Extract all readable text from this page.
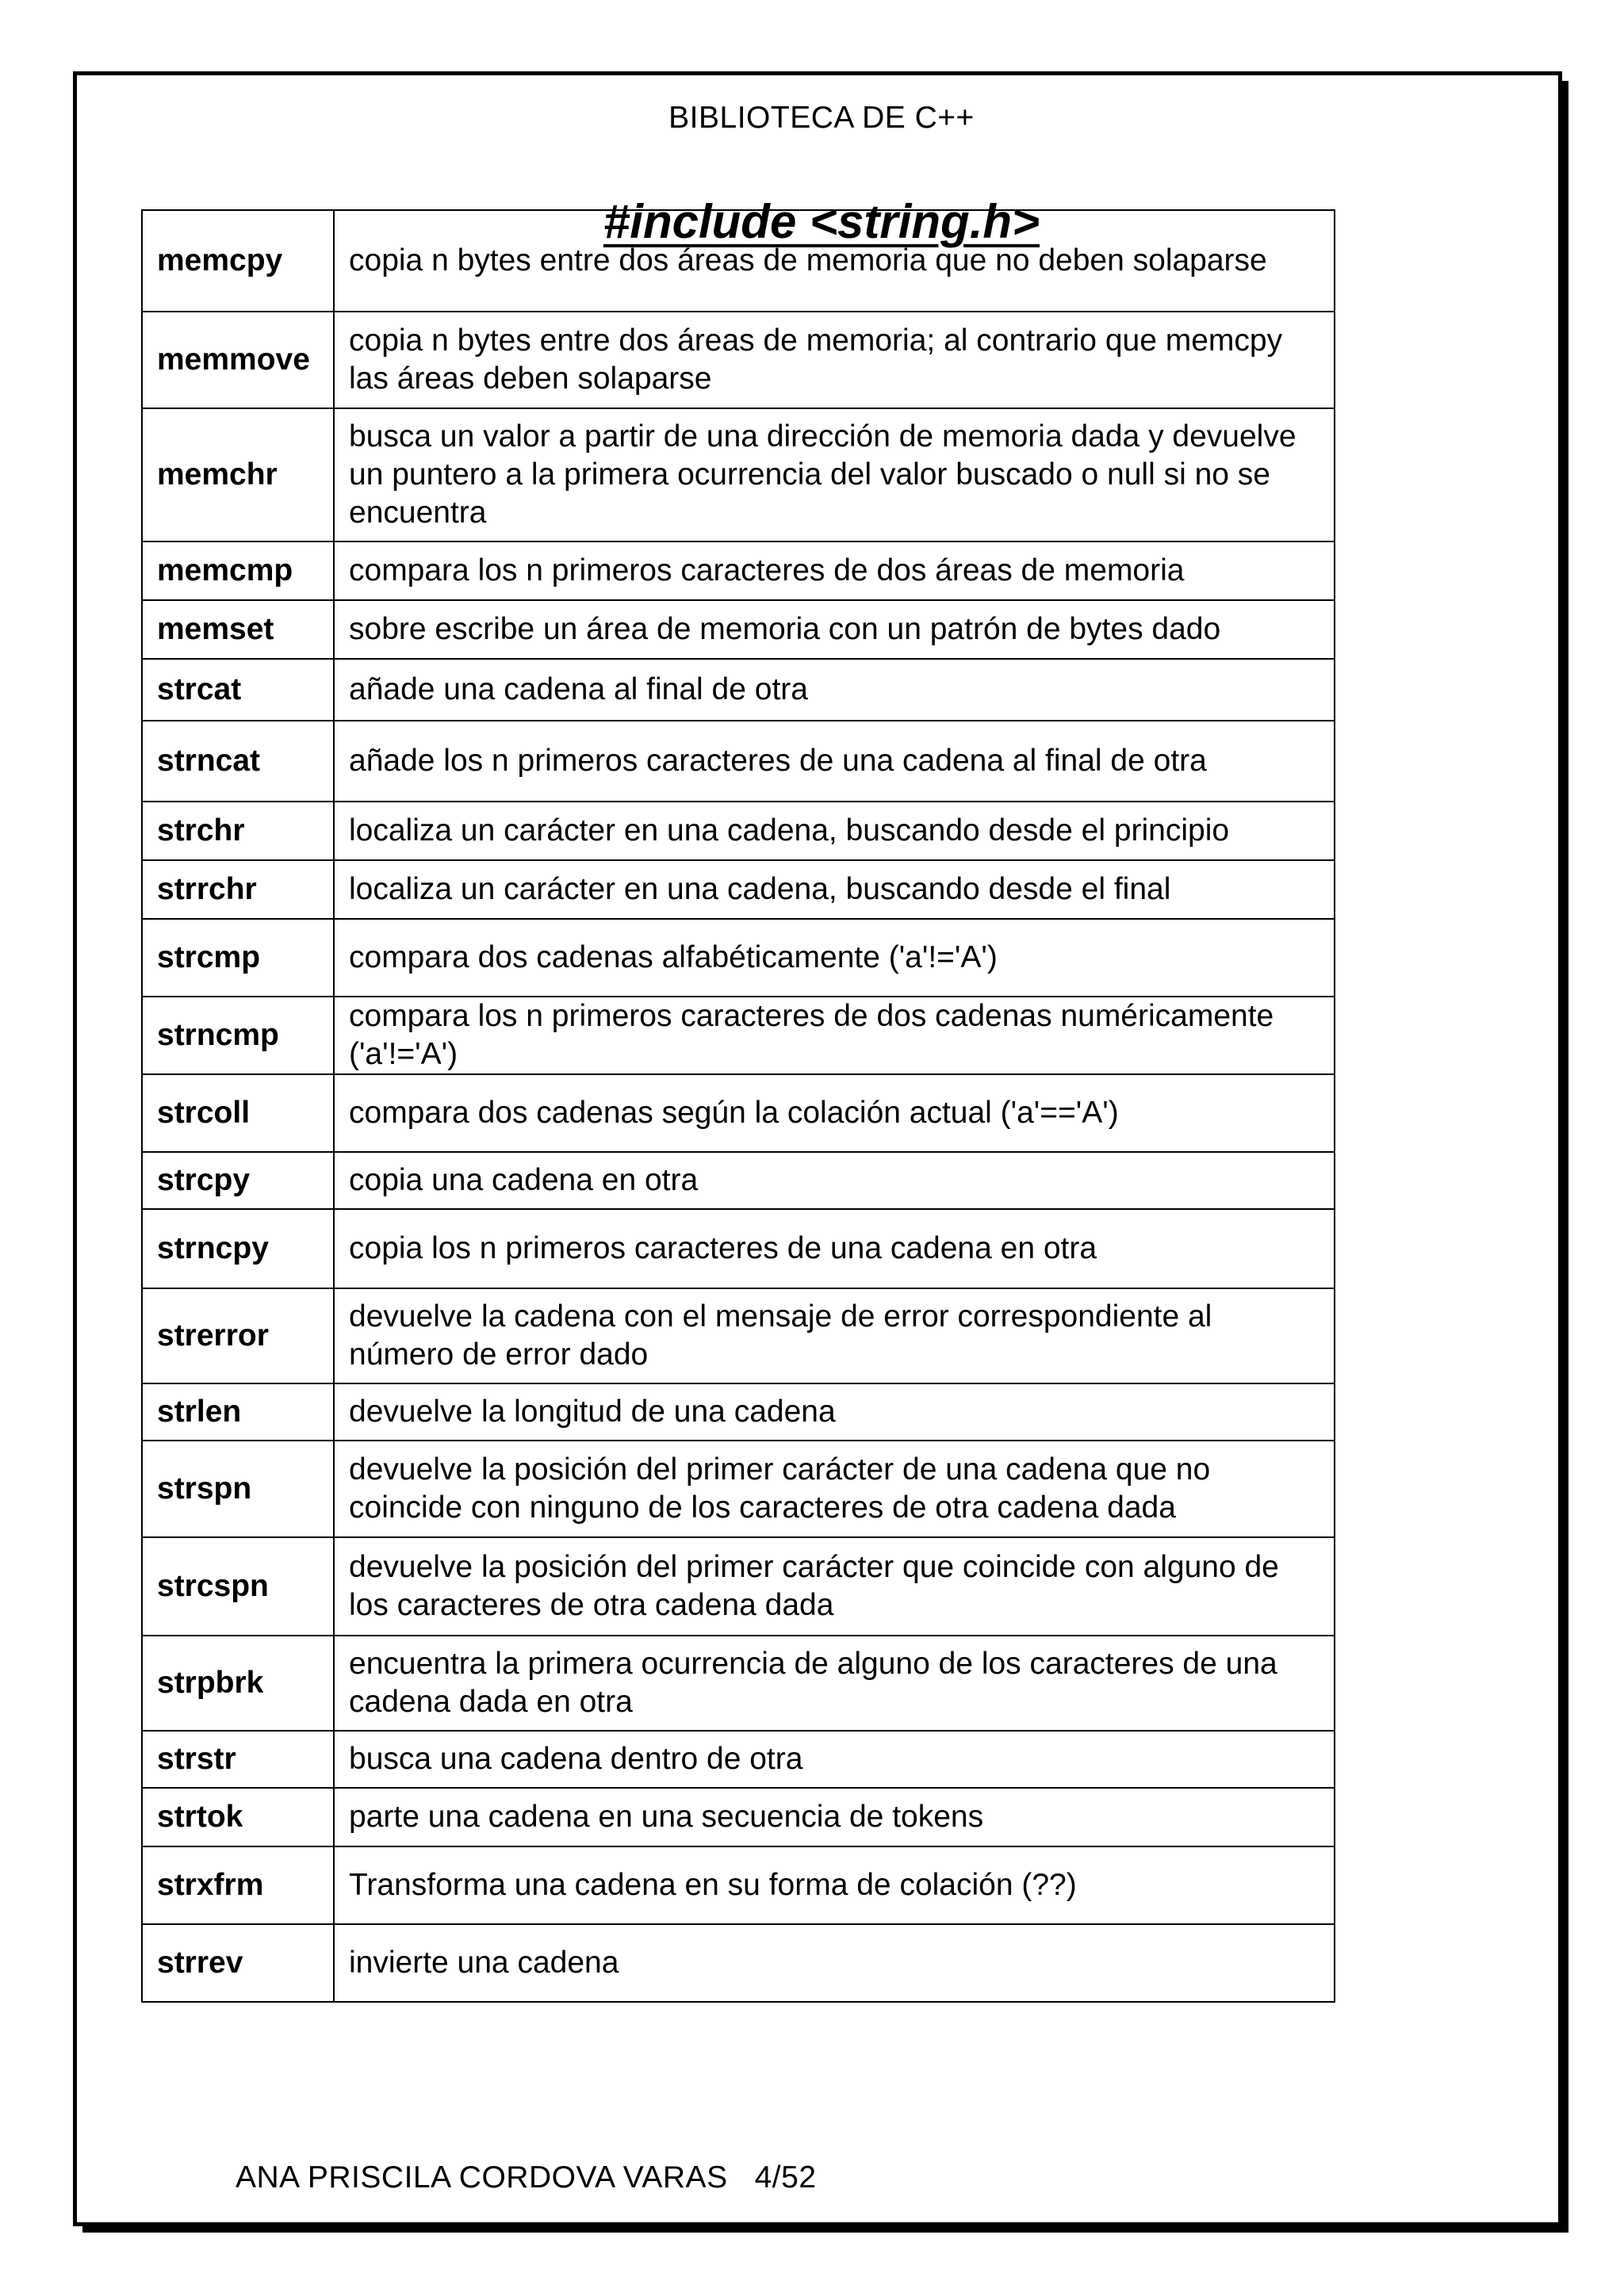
BIBLIOTECA DE C++
#include <string.h>
ANA PRISCILA CORDOVA VARAS 4/52
memcpy	copia n bytes entre dos áreas de memoria que no deben solaparse
memmove	copia n bytes entre dos áreas de memoria; al contrario que memcpy las áreas deben solaparse
memchr	busca un valor a partir de una dirección de memoria dada y devuelve un puntero a la primera ocurrencia del valor buscado o null si no se encuentra
memcmp	compara los n primeros caracteres de dos áreas de memoria
memset	sobre escribe un área de memoria con un patrón de bytes dado
strcat	añade una cadena al final de otra
strncat	añade los n primeros caracteres de una cadena al final de otra
strchr	localiza un carácter en una cadena, buscando desde el principio
strrchr	localiza un carácter en una cadena, buscando desde el final
strcmp	compara dos cadenas alfabéticamente ('a'!='A')
strncmp	compara los n primeros caracteres de dos cadenas numéricamente ('a'!='A')
strcoll	compara dos cadenas según la colación actual ('a'=='A')
strcpy	copia una cadena en otra
strncpy	copia los n primeros caracteres de una cadena en otra
strerror	devuelve la cadena con el mensaje de error correspondiente al número de error dado
strlen	devuelve la longitud de una cadena
strspn	devuelve la posición del primer carácter de una cadena que no coincide con ninguno de los caracteres de otra cadena dada
strcspn	devuelve la posición del primer carácter que coincide con alguno de los caracteres de otra cadena dada
strpbrk	encuentra la primera ocurrencia de alguno de los caracteres de una cadena dada en otra
strstr	busca una cadena dentro de otra
strtok	parte una cadena en una secuencia de tokens
strxfrm	Transforma una cadena en su forma de colación (??)
strrev	invierte una cadena
